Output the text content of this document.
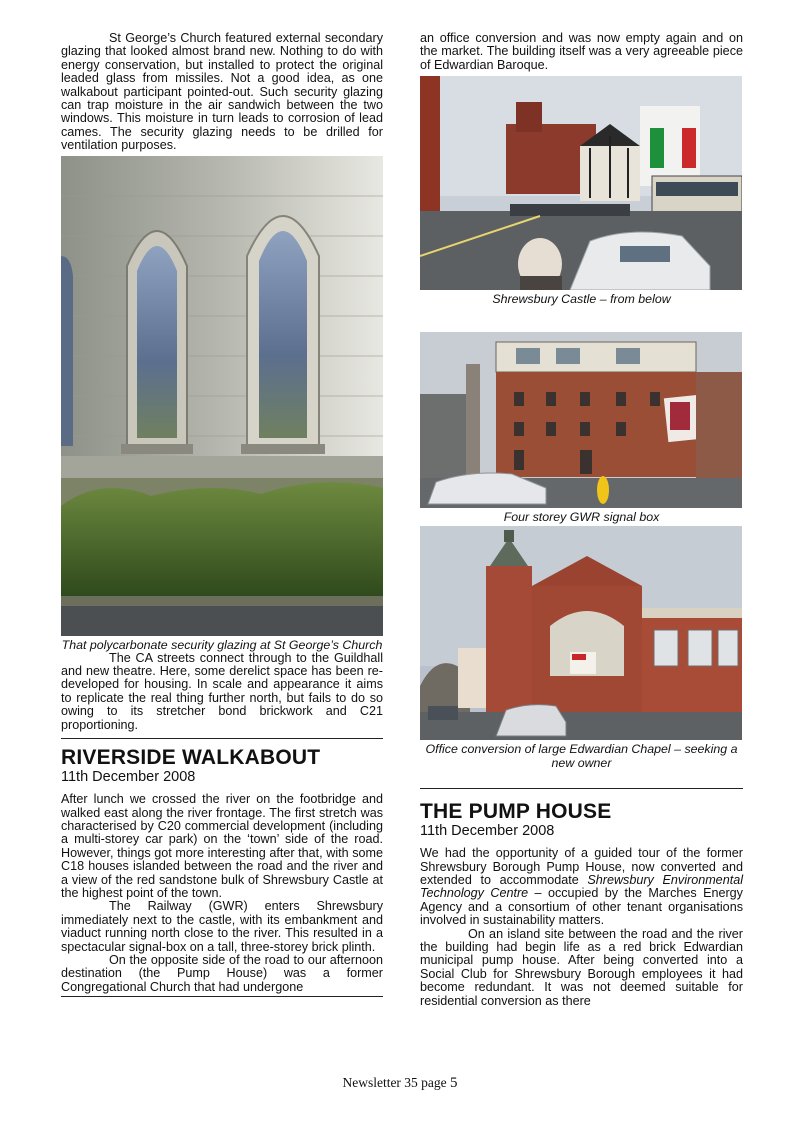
St George’s Church featured external secondary glazing that looked almost brand new. Nothing to do with energy conservation, but installed to protect the original leaded glass from missiles. Not a good idea, as one walkabout participant pointed-out. Such security glazing can trap moisture in the air sandwich between the two windows. This moisture in turn leads to corrosion of lead cames. The security glazing needs to be drilled for ventilation purposes.

That polycarbonate security glazing at St George’s Church

The CA streets connect through to the Guildhall and new theatre. Here, some derelict space has been re-developed for housing. In scale and appearance it aims to replicate the real thing further north, but fails to do so owing to its stretcher bond brickwork and C21 proportioning.

RIVERSIDE WALKABOUT

11th December 2008

After lunch we crossed the river on the footbridge and walked east along the river frontage. The first stretch was characterised by C20 commercial development (including a multi-storey car park) on the ‘town’ side of the road. However, things got more interesting after that, with some C18 houses islanded between the road and the river and a view of the red sandstone bulk of Shrewsbury Castle at the highest point of the town.

The Railway (GWR) enters Shrewsbury immediately next to the castle, with its embankment and viaduct running north close to the river. This resulted in a spectacular signal-box on a tall, three-storey brick plinth.

On the opposite side of the road to our afternoon destination (the Pump House) was a former Congregational Church that had undergone

an office conversion and was now empty again and on the market. The building itself was a very agreeable piece of Edwardian Baroque.

Shrewsbury Castle – from below

Four storey GWR signal box

Office conversion of large Edwardian Chapel – seeking a new owner

THE PUMP HOUSE

11th December 2008

We had the opportunity of a guided tour of the former Shrewsbury Borough Pump House, now converted and extended to accommodate Shrewsbury Environmental Technology Centre – occupied by the Marches Energy Agency and a consortium of other tenant organisations involved in sustainability matters.

On an island site between the road and the river the building had begin life as a red brick Edwardian municipal pump house. After being converted into a Social Club for Shrewsbury Borough employees it had become redundant. It was not deemed suitable for residential conversion as there

Newsletter 35 page 5
